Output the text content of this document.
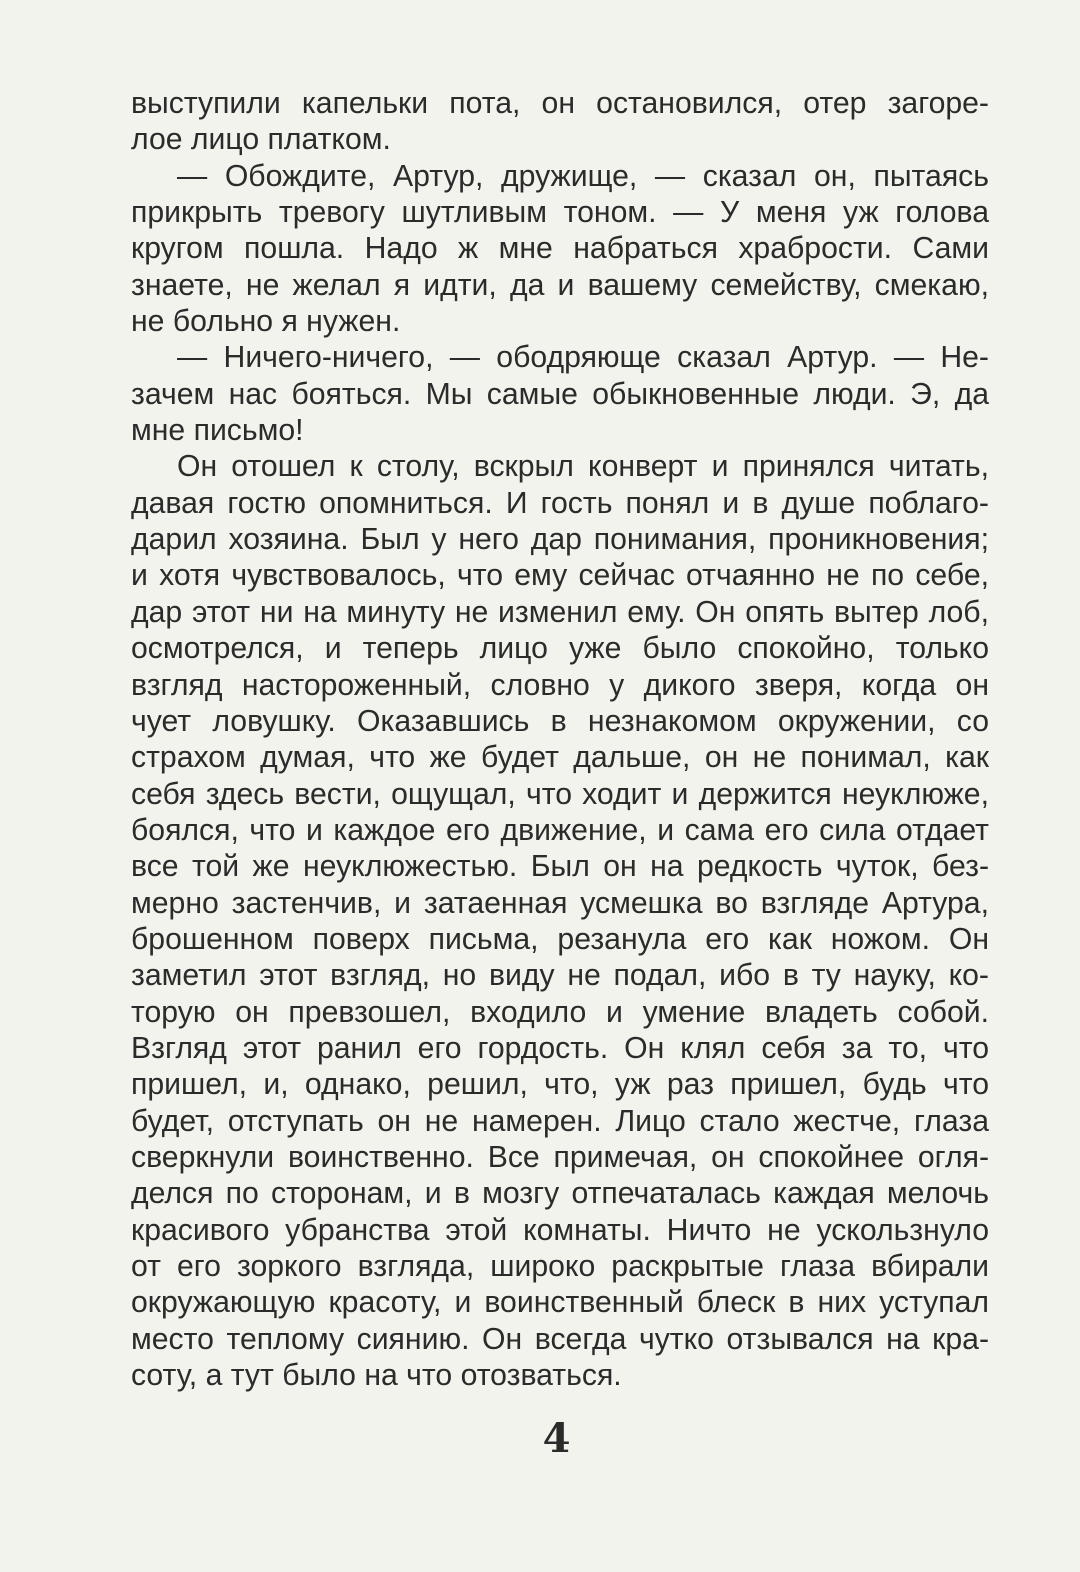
выступили капельки пота, он остановился, отер загоре-

лое лицо платком.

— Обождите, Артур, дружище, — сказал он, пытаясь

прикрыть тревогу шутливым тоном. — У меня уж голова

кругом пошла. Надо ж мне набраться храбрости. Сами

знаете, не желал я идти, да и вашему семейству, смекаю,

не больно я нужен.

— Ничего-ничего, — ободряюще сказал Артур. — Не-

зачем нас бояться. Мы самые обыкновенные люди. Э, да

мне письмо!

Он отошел к столу, вскрыл конверт и принялся читать,

давая гостю опомниться. И гость понял и в душе поблаго-

дарил хозяина. Был у него дар понимания, проникновения;

и хотя чувствовалось, что ему сейчас отчаянно не по себе,

дар этот ни на минуту не изменил ему. Он опять вытер лоб,

осмотрелся, и теперь лицо уже было спокойно, только

взгляд настороженный, словно у дикого зверя, когда он

чует ловушку. Оказавшись в незнакомом окружении, со

страхом думая, что же будет дальше, он не понимал, как

себя здесь вести, ощущал, что ходит и держится неуклюже,

боялся, что и каждое его движение, и сама его сила отдает

все той же неуклюжестью. Был он на редкость чуток, без-

мерно застенчив, и затаенная усмешка во взгляде Артура,

брошенном поверх письма, резанула его как ножом. Он

заметил этот взгляд, но виду не подал, ибо в ту науку, ко-

торую он превзошел, входило и умение владеть собой.

Взгляд этот ранил его гордость. Он клял себя за то, что

пришел, и, однако, решил, что, уж раз пришел, будь что

будет, отступать он не намерен. Лицо стало жестче, глаза

сверкнули воинственно. Все примечая, он спокойнее огля-

делся по сторонам, и в мозгу отпечаталась каждая мелочь

красивого убранства этой комнаты. Ничто не ускользнуло

от его зоркого взгляда, широко раскрытые глаза вбирали

окружающую красоту, и воинственный блеск в них уступал

место теплому сиянию. Он всегда чутко отзывался на кра-

соту, а тут было на что отозваться.

4
